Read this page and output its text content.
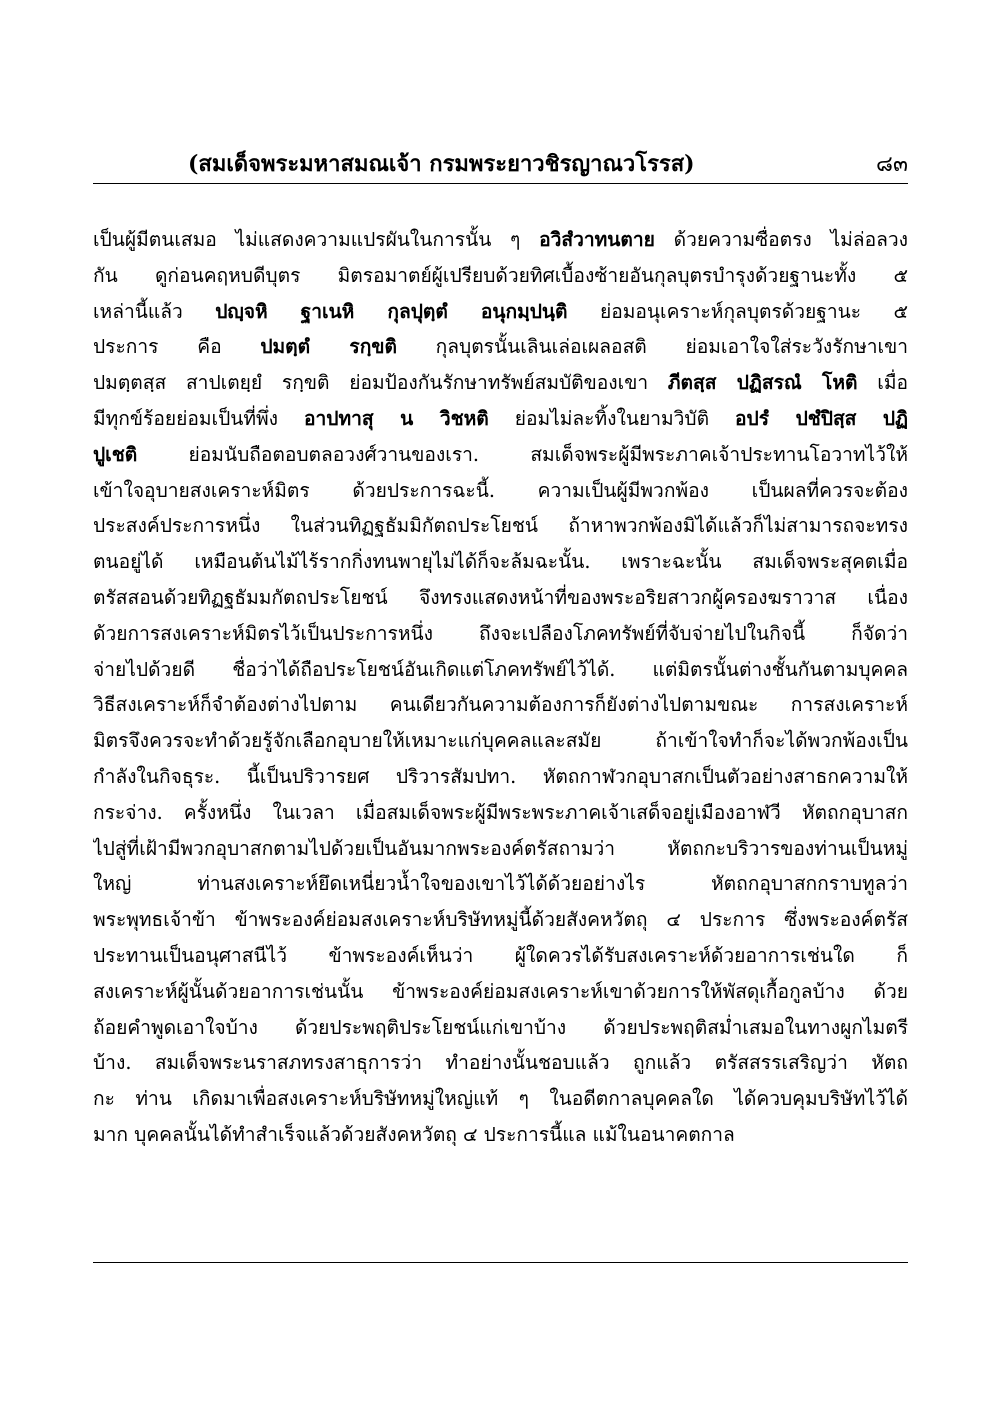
(สมเด็จพระมหาสมณเจ้า กรมพระยาวชิรญาณวโรรส)	๘๓
เป็นผู้มีตนเสมอ ไม่แสดงความแปรผันในการนั้น ๆ อวิสํวาทนตาย ด้วยความซื่อตรง ไม่ล่อลวง
กัน ดูก่อนคฤหบดีบุตร มิตรอมาตย์ผู้เปรียบด้วยทิศเบื้องซ้ายอันกุลบุตรบำรุงด้วยฐานะทั้ง ๕
เหล่านี้แล้ว ปญฺจหิ ฐาเนหิ กุลปุตฺตํ อนุกมฺปนฺติ ย่อมอนุเคราะห์กุลบุตรด้วยฐานะ ๕
ประการ คือ ปมตฺตํ รกฺขติ กุลบุตรนั้นเลินเล่อเผลอสติ ย่อมเอาใจใส่ระวังรักษาเขา
ปมตฺตสฺส สาปเตยฺยํ รกฺขติ ย่อมป้องกันรักษาทรัพย์สมบัติของเขา ภีตสฺส ปฏิสรณํ โหติ เมื่อ
มีทุกข์ร้อยย่อมเป็นที่พึ่ง อาปทาสุ น วิชหติ ย่อมไม่ละทิ้งในยามวิบัติ อปรํ ปชํปิสฺส ปฏิ
ปูเชติ ย่อมนับถือตอบตลอวงศ์วานของเรา. สมเด็จพระผู้มีพระภาคเจ้าประทานโอวาทไว้ให้
เข้าใจอุบายสงเคราะห์มิตร ด้วยประการฉะนี้. ความเป็นผู้มีพวกพ้อง เป็นผลที่ควรจะต้อง
ประสงค์ประการหนึ่ง ในส่วนทิฏฐธัมมิกัตถประโยชน์ ถ้าหาพวกพ้องมิได้แล้วก็ไม่สามารถจะทรง
ตนอยู่ได้ เหมือนต้นไม้ไร้รากกิ่งทนพายุไม่ได้ก็จะล้มฉะนั้น. เพราะฉะนั้น สมเด็จพระสุคตเมื่อ
ตรัสสอนด้วยทิฏฐธัมมกัตถประโยชน์ จึงทรงแสดงหน้าที่ของพระอริยสาวกผู้ครองฆราวาส เนื่อง
ด้วยการสงเคราะห์มิตรไว้เป็นประการหนึ่ง ถึงจะเปลืองโภคทรัพย์ที่จับจ่ายไปในกิจนี้ ก็จัดว่า
จ่ายไปด้วยดี ชื่อว่าได้ถือประโยชน์อันเกิดแต่โภคทรัพย์ไว้ได้. แต่มิตรนั้นต่างชั้นกันตามบุคคล
วิธีสงเคราะห์ก็จำต้องต่างไปตาม คนเดียวกันความต้องการก็ยังต่างไปตามขณะ การสงเคราะห์
มิตรจึงควรจะทำด้วยรู้จักเลือกอุบายให้เหมาะแก่บุคคลและสมัย ถ้าเข้าใจทำก็จะได้พวกพ้องเป็น
กำลังในกิจธุระ. นี้เป็นปริวารยศ ปริวารสัมปทา. หัตถกาฬวกอุบาสกเป็นตัวอย่างสาธกความให้
กระจ่าง. ครั้งหนึ่ง ในเวลา เมื่อสมเด็จพระผู้มีพระพระภาคเจ้าเสด็จอยู่เมืองอาฬวี หัตถกอุบาสก
ไปสู่ที่เฝ้ามีพวกอุบาสกตามไปด้วยเป็นอันมากพระองค์ตรัสถามว่า หัตถกะบริวารของท่านเป็นหมู่
ใหญ่ ท่านสงเคราะห์ยึดเหนี่ยวน้ำใจของเขาไว้ได้ด้วยอย่างไร หัตถกอุบาสกกราบทูลว่า
พระพุทธเจ้าข้า ข้าพระองค์ย่อมสงเคราะห์บริษัทหมู่นี้ด้วยสังคหวัตถุ ๔ ประการ ซึ่งพระองค์ตรัส
ประทานเป็นอนุศาสนีไว้ ข้าพระองค์เห็นว่า ผู้ใดควรได้รับสงเคราะห์ด้วยอาการเช่นใด ก็
สงเคราะห์ผู้นั้นด้วยอาการเช่นนั้น ข้าพระองค์ย่อมสงเคราะห์เขาด้วยการให้พัสดุเกื้อกูลบ้าง ด้วย
ถ้อยคำพูดเอาใจบ้าง ด้วยประพฤติประโยชน์แก่เขาบ้าง ด้วยประพฤติสม่ำเสมอในทางผูกไมตรี
บ้าง. สมเด็จพระนราสภทรงสาธุการว่า ทำอย่างนั้นชอบแล้ว ถูกแล้ว ตรัสสรรเสริญว่า หัตถ
กะ ท่าน เกิดมาเพื่อสงเคราะห์บริษัทหมู่ใหญ่แท้ ๆ ในอดีตกาลบุคคลใด ได้ควบคุมบริษัทไว้ได้
มาก บุคคลนั้นได้ทำสำเร็จแล้วด้วยสังคหวัตถุ ๔ ประการนี้แล แม้ในอนาคตกาล
